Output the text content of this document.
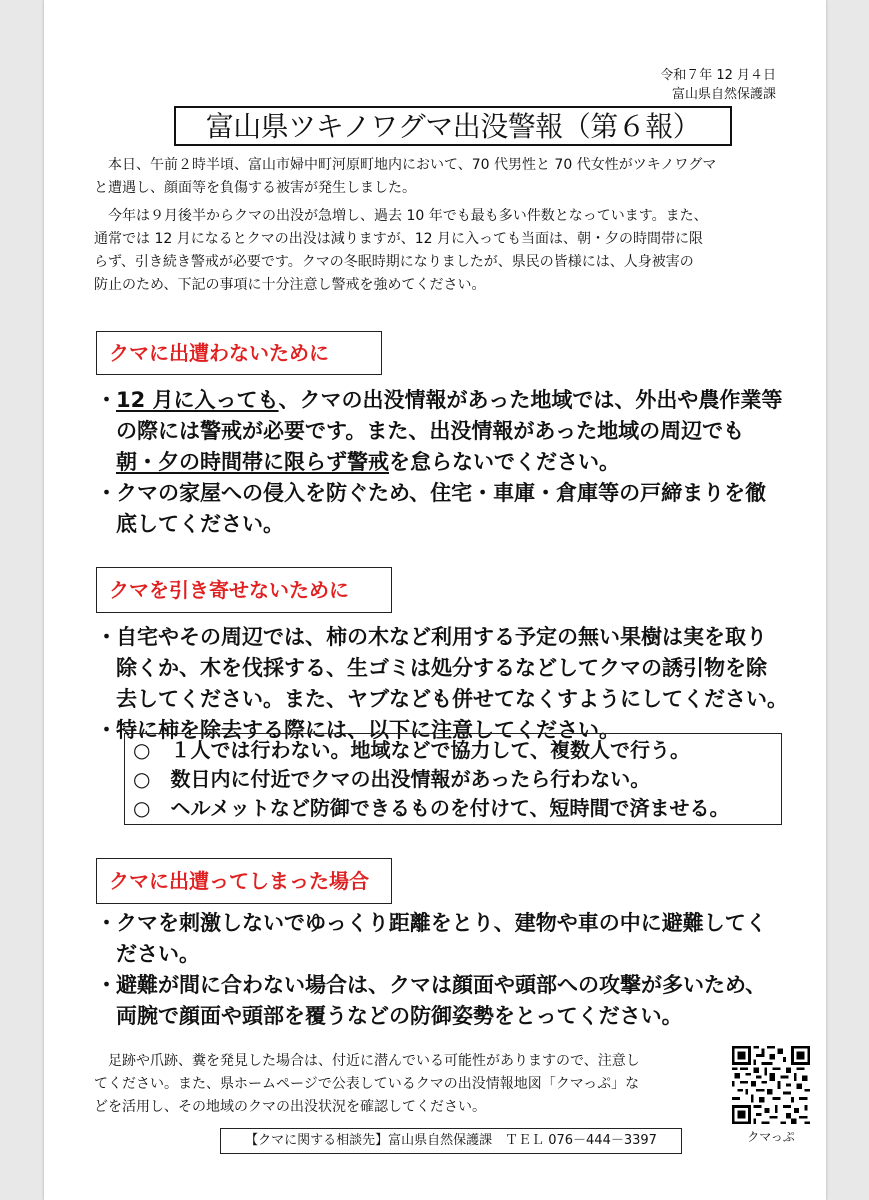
令和７年 12 月４日
富山県自然保護課
富山県ツキノワグマ出没警報（第６報）
　本日、午前２時半頃、富山市婦中町河原町地内において、70 代男性と 70 代女性がツキノワグマ
と遭遇し、顔面等を負傷する被害が発生しました。
　今年は９月後半からクマの出没が急増し、過去 10 年でも最も多い件数となっています。また、
通常では 12 月になるとクマの出没は減りますが、12 月に入っても当面は、朝・夕の時間帯に限
らず、引き続き警戒が必要です。クマの冬眠時期になりましたが、県民の皆様には、人身被害の
防止のため、下記の事項に十分注意し警戒を強めてください。
クマに出遭わないために
・ 12 月に入っても、クマの出没情報があった地域では、外出や農作業等
の際には警戒が必要です。また、出没情報があった地域の周辺でも
朝・夕の時間帯に限らず警戒を怠らないでください。
・ クマの家屋への侵入を防ぐため、住宅・車庫・倉庫等の戸締まりを徹
底してください。
クマを引き寄せないために
・ 自宅やその周辺では、柿の木など利用する予定の無い果樹は実を取り
除くか、木を伐採する、生ゴミは処分するなどしてクマの誘引物を除
去してください。また、ヤブなども併せてなくすようにしてください。
・ 特に柿を除去する際には、以下に注意してください。
○　１人では行わない。地域などで協力して、複数人で行う。
○　数日内に付近でクマの出没情報があったら行わない。
○　ヘルメットなど防御できるものを付けて、短時間で済ませる。
クマに出遭ってしまった場合
・ クマを刺激しないでゆっくり距離をとり、建物や車の中に避難してく
ださい。
・ 避難が間に合わない場合は、クマは顔面や頭部への攻撃が多いため、
両腕で顔面や頭部を覆うなどの防御姿勢をとってください。
　足跡や爪跡、糞を発見した場合は、付近に潜んでいる可能性がありますので、注意し
てください。また、県ホームページで公表しているクマの出没情報地図「クマっぷ」な
どを活用し、その地域のクマの出没状況を確認してください。
【クマに関する相談先】富山県自然保護課　ＴＥＬ 076－444－3397	クマっぷ
